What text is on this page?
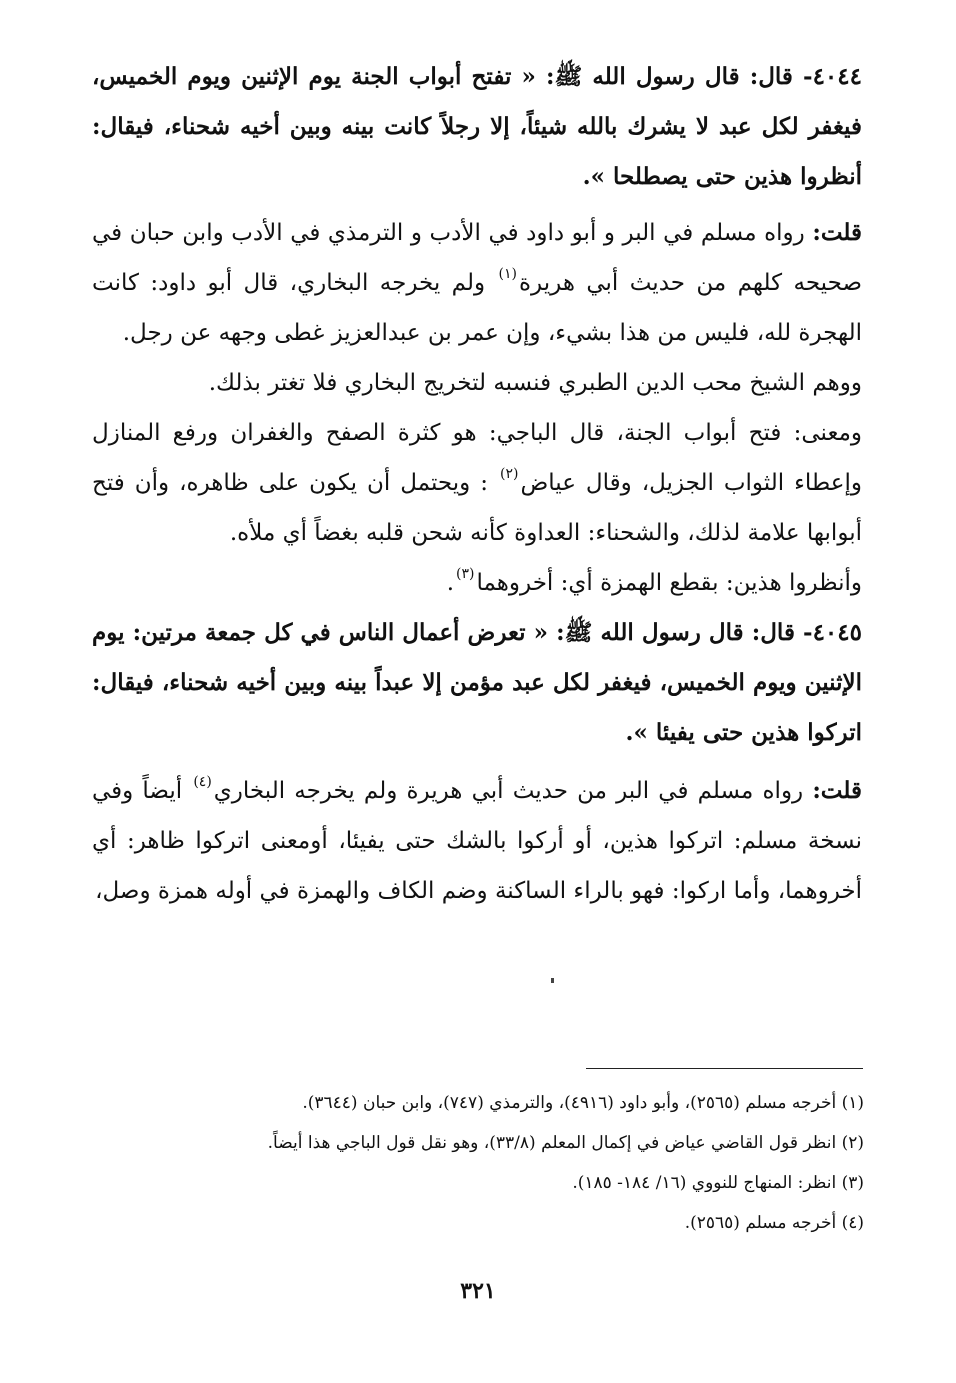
٤٠٤٤- قال: قال رسول الله ﷺ: « تفتح أبواب الجنة يوم الإثنين ويوم الخميس، فيغفر لكل عبد لا يشرك بالله شيئاً، إلا رجلاً كانت بينه وبين أخيه شحناء، فيقال: أنظروا هذين حتى يصطلحا ».

قلت: رواه مسلم في البر و أبو داود في الأدب و الترمذي في الأدب وابن حبان في صحيحه كلهم من حديث أبي هريرة$^{(١)}$ ولم يخرجه البخاري، قال أبو داود: كانت الهجرة لله، فليس من هذا بشيء، وإن عمر بن عبدالعزيز غطى وجهه عن رجل.

ووهم الشيخ محب الدين الطبري فنسبه لتخريج البخاري فلا تغتر بذلك.

ومعنى: فتح أبواب الجنة، قال الباجي: هو كثرة الصفح والغفران ورفع المنازل وإعطاء الثواب الجزيل، وقال عياض$^{(٢)}$ : ويحتمل أن يكون على ظاهره، وأن فتح أبوابها علامة لذلك، والشحناء: العداوة كأنه شحن قلبه بغضاً أي ملأه.

وأنظروا هذين: بقطع الهمزة أي: أخروهما$^{(٣)}$.

٤٠٤٥- قال: قال رسول الله ﷺ: « تعرض أعمال الناس في كل جمعة مرتين: يوم الإثنين ويوم الخميس، فيغفر لكل عبد مؤمن إلا عبداً بينه وبين أخيه شحناء، فيقال: اتركوا هذين حتى يفيئا ».

قلت: رواه مسلم في البر من حديث أبي هريرة ولم يخرجه البخاري$^{(٤)}$ أيضاً وفي نسخة مسلم: اتركوا هذين، أو أركوا بالشك حتى يفيئا، أومعنى اتركوا ظاهر: أي أخروهما، وأما اركوا: فهو بالراء الساكنة وضم الكاف والهمزة في أوله همزة وصل،

(١) أخرجه مسلم (٢٥٦٥)، وأبو داود (٤٩١٦)، والترمذي (٧٤٧)، وابن حبان (٣٦٤٤).
(٢) انظر قول القاضي عياض في إكمال المعلم (٣٣/٨)، وهو نقل قول الباجي هذا أيضاً.
(٣) انظر: المنهاج للنووي (١٦/ ١٨٤- ١٨٥).
(٤) أخرجه مسلم (٢٥٦٥).
٣٢١
